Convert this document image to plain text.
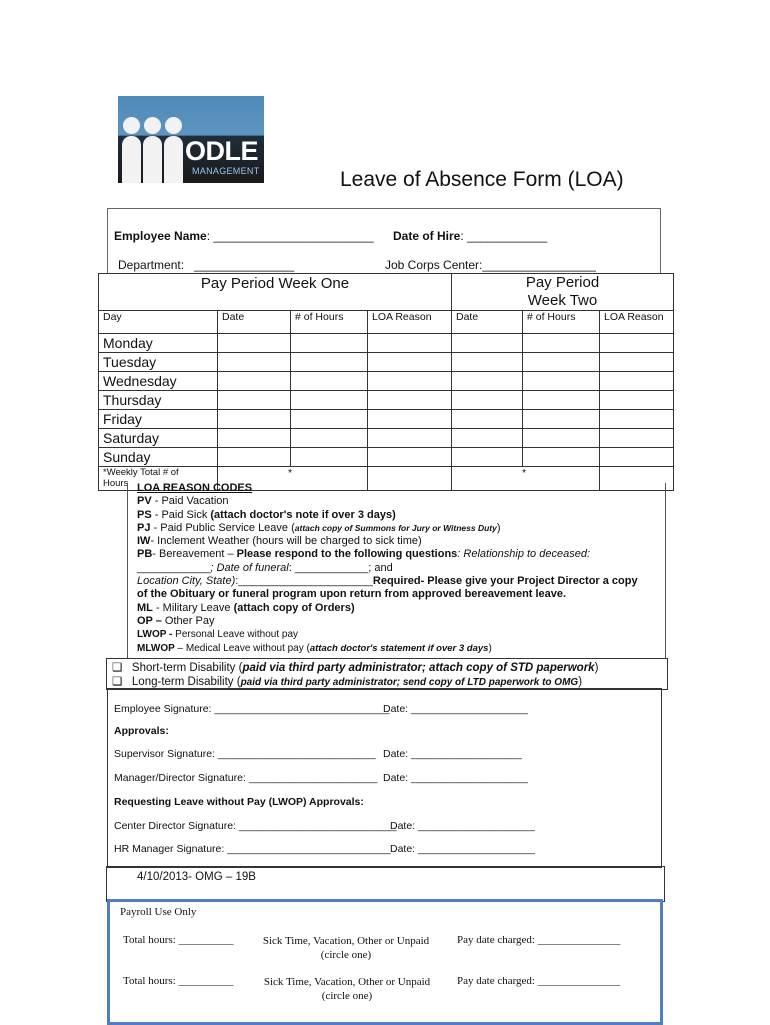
ODLE
MANAGEMENT	Leave of Absence Form (LOA)
Employee Name: ________________________ Date of Hire: ____________
Department: _______________	Job Corps Center:_________________
Pay Period Week One				Pay Period
Week Two		

Day	Date	# of Hours	LOA Reason	Date	# of Hours	LOA Reason
Monday						
Tuesday						
Wednesday						
Thursday						
Friday						
Saturday						
Sunday						

*Weekly Total # of
Hours	*			*		
LOA REASON CODES
PV - Paid Vacation
PS - Paid Sick (attach doctor's note if over 3 days)
PJ - Paid Public Service Leave (attach copy of Summons for Jury or Witness Duty)
IW- Inclement Weather (hours will be charged to sick time)
PB- Bereavement – Please respond to the following questions: Relationship to deceased:
____________; Date of funeral: ____________; and
Location City, State):______________________Required- Please give your Project Director a copy
of the Obituary or funeral program upon return from approved bereavement leave.
ML - Military Leave (attach copy of Orders)
OP – Other Pay
LWOP - Personal Leave without pay
MLWOP – Medical Leave without pay (attach doctor's statement if over 3 days)
❑ Short-term Disability (paid via third party administrator; attach copy of STD paperwork)
❑ Long-term Disability (paid via third party administrator; send copy of LTD paperwork to OMG)
Employee Signature: ______________________________
Date: ____________________
Approvals:
Supervisor Signature: ___________________________ Date: ___________________
Manager/Director Signature: ______________________ Date: ____________________
Requesting Leave without Pay (LWOP) Approvals:
Center Director Signature: ___________________________
Date: ____________________
HR Manager Signature: ____________________________ Date: ____________________
4/10/2013- OMG – 19B
Payroll Use Only
Total hours: __________	Sick Time, Vacation, Other or Unpaid
(circle one)
Pay date charged: _______________
Total hours: __________	Sick Time, Vacation, Other or Unpaid
(circle one)
Pay date charged: _______________
